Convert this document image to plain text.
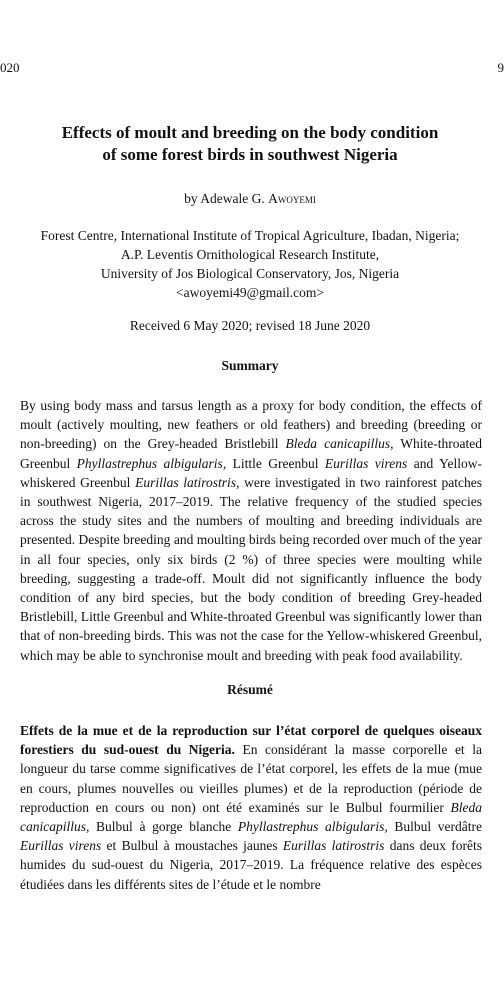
020	9
Effects of moult and breeding on the body condition
of some forest birds in southwest Nigeria
by Adewale G. Awoyemi
Forest Centre, International Institute of Tropical Agriculture, Ibadan, Nigeria;
A.P. Leventis Ornithological Research Institute,
University of Jos Biological Conservatory, Jos, Nigeria
<awoyemi49@gmail.com>
Received 6 May 2020; revised 18 June 2020
Summary
By using body mass and tarsus length as a proxy for body condition, the effects of moult (actively moulting, new feathers or old feathers) and breeding (breeding or non-breeding) on the Grey-headed Bristlebill Bleda canicapillus, White-throated Greenbul Phyllastrephus albigularis, Little Greenbul Eurillas virens and Yellow-whiskered Greenbul Eurillas latirostris, were investigated in two rainforest patches in southwest Nigeria, 2017–2019. The relative frequency of the studied species across the study sites and the numbers of moulting and breeding individuals are presented. Despite breeding and moulting birds being recorded over much of the year in all four species, only six birds (2 %) of three species were moulting while breeding, suggesting a trade-off. Moult did not significantly influence the body condition of any bird species, but the body condition of breeding Grey-headed Bristlebill, Little Greenbul and White-throated Greenbul was significantly lower than that of non-breeding birds. This was not the case for the Yellow-whiskered Greenbul, which may be able to synchronise moult and breeding with peak food availability.
Résumé
Effets de la mue et de la reproduction sur l’état corporel de quelques oiseaux forestiers du sud-ouest du Nigeria. En considérant la masse corporelle et la longueur du tarse comme significatives de l’état corporel, les effets de la mue (mue en cours, plumes nouvelles ou vieilles plumes) et de la reproduction (période de reproduction en cours ou non) ont été examinés sur le Bulbul fourmilier Bleda canicapillus, Bulbul à gorge blanche Phyllastrephus albigularis, Bulbul verdâtre Eurillas virens et Bulbul à moustaches jaunes Eurillas latirostris dans deux forêts humides du sud-ouest du Nigeria, 2017–2019. La fréquence relative des espèces étudiées dans les différents sites de l’étude et le nombre
